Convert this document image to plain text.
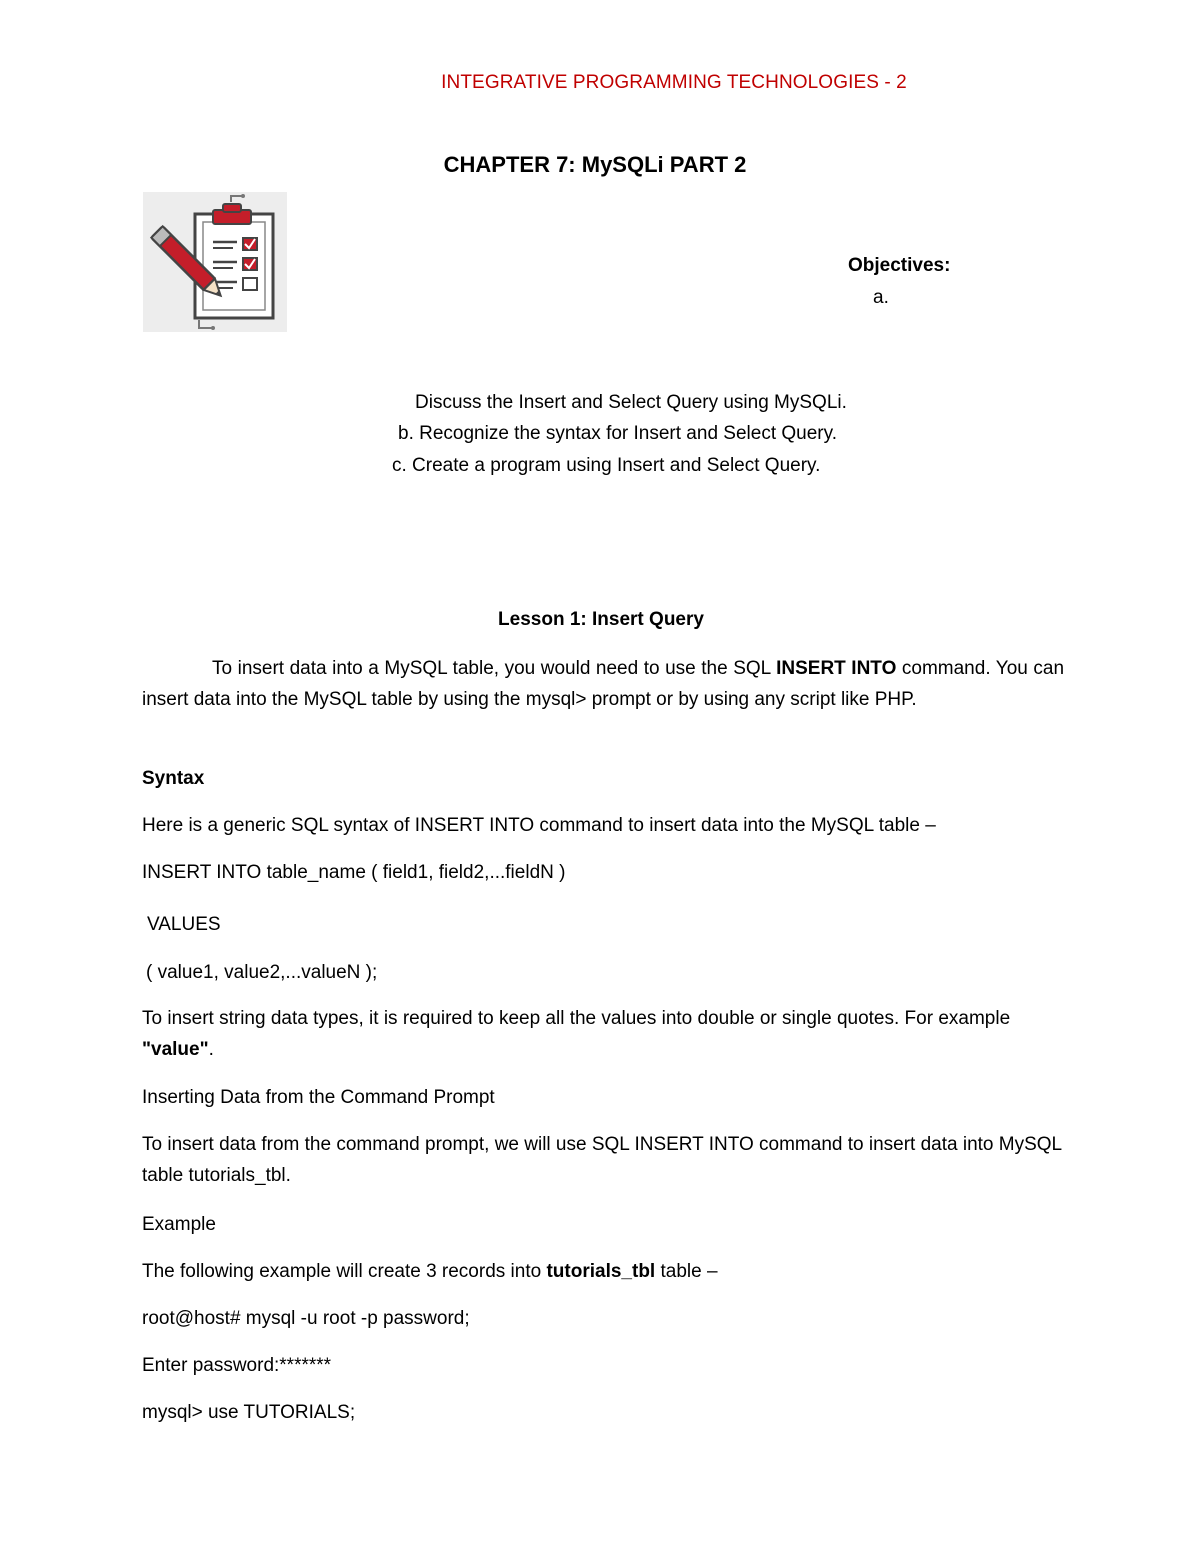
INTEGRATIVE PROGRAMMING TECHNOLOGIES - 2

CHAPTER 7: MySQLi PART 2

Objectives:

a.

Discuss the Insert and Select Query using MySQLi.

b. Recognize the syntax for Insert and Select Query.

c. Create a program using Insert and Select Query.

Lesson 1: Insert Query

To insert data into a MySQL table, you would need to use the SQL INSERT INTO command. You can insert data into the MySQL table by using the mysql> prompt or by using any script like PHP.

Syntax

Here is a generic SQL syntax of INSERT INTO command to insert data into the MySQL table –

INSERT INTO table_name ( field1, field2,...fieldN )

VALUES

( value1, value2,...valueN );

To insert string data types, it is required to keep all the values into double or single quotes. For example "value".

Inserting Data from the Command Prompt

To insert data from the command prompt, we will use SQL INSERT INTO command to insert data into MySQL table tutorials_tbl.

Example

The following example will create 3 records into tutorials_tbl table –

root@host# mysql -u root -p password;

Enter password:*******

mysql> use TUTORIALS;
